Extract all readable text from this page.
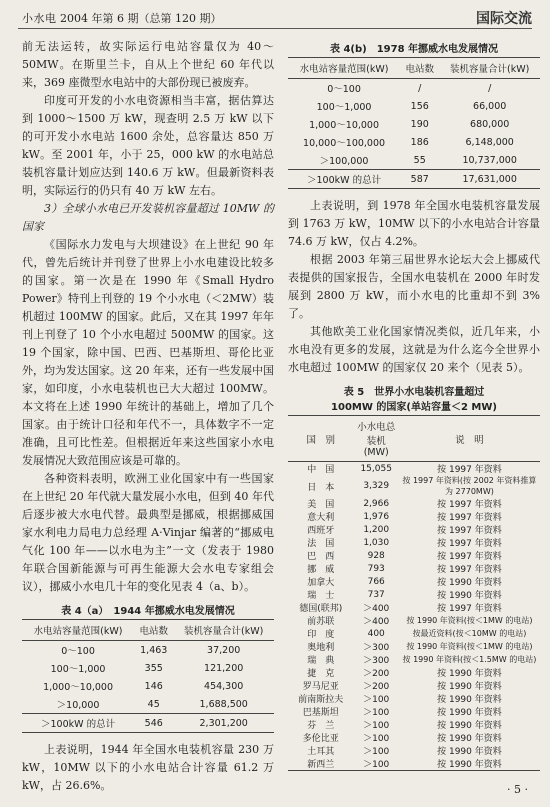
小水电 2004 年第 6 期（总第 120 期）	国际交流

前无法运转，故实际运行电站容量仅为 40～50MW。在斯里兰卡，自从上个世纪 60 年代以来，369 座微型水电站中的大部份现已被废弃。

印度可开发的小水电资源相当丰富，据估算达到 1000～1500 万 kW，现查明 2.5 万 kW 以下的可开发小水电站 1600 余处，总容量达 850 万 kW。至 2001 年，小于 25，000 kW 的水电站总装机容量计划应达到 140.6 万 kW。但最新资料表明，实际运行的仍只有 40 万 kW 左右。

3）全球小水电已开发装机容量超过 10MW 的国家

《国际水力发电与大坝建设》在上世纪 90 年代，曾先后统计并刊登了世界上小水电建设比较多的国家。第一次是在 1990 年《Small Hydro Power》特刊上刊登的 19 个小水电（＜2MW）装机超过 100MW 的国家。此后，又在其 1997 年年刊上刊登了 10 个小水电超过 500MW 的国家。这 19 个国家，除中国、巴西、巴基斯坦、哥伦比亚外，均为发达国家。这 20 年来，还有一些发展中国家，如印度，小水电装机也已大大超过 100MW。本文将在上述 1990 年统计的基础上，增加了几个国家。由于统计口径和年代不一，具体数字不一定准确，且可比性差。但根据近年来这些国家小水电发展情况大致范围应该是可靠的。

各种资料表明，欧洲工业化国家中有一些国家在上世纪 20 年代就大量发展小水电，但到 40 年代后逐步被大水电代替。最典型是挪威，根据挪威国家水利电力局电力总经理 A·Vinjar 编著的“挪威电气化 100 年——以水电为主”一文（发表于 1980 年联合国新能源与可再生能源大会水电专家组会议），挪威小水电几十年的变化见表 4（a、b）。

表 4（a）　1944 年挪威水电发展情况
水电站容量范围(kW)	电站数	装机容量合计(kW)
0～100	1,463	37,200
100～1,000	355	121,200
1,000～10,000	146	454,300
＞10,000	45	1,688,500
＞100kW 的总计	546	2,301,200

上表说明，1944 年全国水电装机容量 230 万 kW，10MW 以下的小水电站合计容量 61.2 万 kW，占 26.6%。

表 4(b)　1978 年挪威水电发展情况
水电站容量范围(kW)	电站数	装机容量合计(kW)
0～100	/	/
100～1,000	156	66,000
1,000～10,000	190	680,000
10,000～100,000	186	6,148,000
＞100,000	55	10,737,000
＞100kW 的总计	587	17,631,000

上表说明，到 1978 年全国水电装机容量发展到 1763 万 kW，10MW 以下的小水电站合计容量 74.6 万 kW，仅占 4.2%。

根据 2003 年第三届世界水论坛大会上挪威代表提供的国家报告，全国水电装机在 2000 年时发展到 2800 万 kW，而小水电的比重却不到 3%了。

其他欧美工业化国家情况类似，近几年来，小水电没有更多的发展，这就是为什么迄今全世界小水电超过 100MW 的国家仅 20 来个（见表 5）。

表 5　世界小水电装机容量超过
100MW 的国家(单站容量＜2 MW)
国　别	小水电总装机(MW)	说　明
中　国	15,055	按 1997 年资料
日　本	3,329	按 1997 年资料(按 2002 年资料推算为 2770MW)
美　国	2,966	按 1997 年资料
意大利	1,976	按 1997 年资料
西班牙	1,200	按 1997 年资料
法　国	1,030	按 1997 年资料
巴　西	928	按 1997 年资料
挪　威	793	按 1997 年资料
加拿大	766	按 1990 年资料
瑞　士	737	按 1990 年资料
德国(联邦)	＞400	按 1997 年资料
前苏联	＞400	按 1990 年资料(按＜1MW 的电站)
印　度	400	按最近资料(按＜10MW 的电站)
奥地利	＞300	按 1990 年资料(按＜1MW 的电站)
瑞　典	＞300	按 1990 年资料(按＜1.5MW 的电站)
捷　克	＞200	按 1990 年资料
罗马尼亚	＞200	按 1990 年资料
前南斯拉夫	＞100	按 1990 年资料
巴基斯坦	＞100	按 1990 年资料
芬　兰	＞100	按 1990 年资料
多伦比亚	＞100	按 1990 年资料
土耳其	＞100	按 1990 年资料
新西兰	＞100	按 1990 年资料
· 5 ·
